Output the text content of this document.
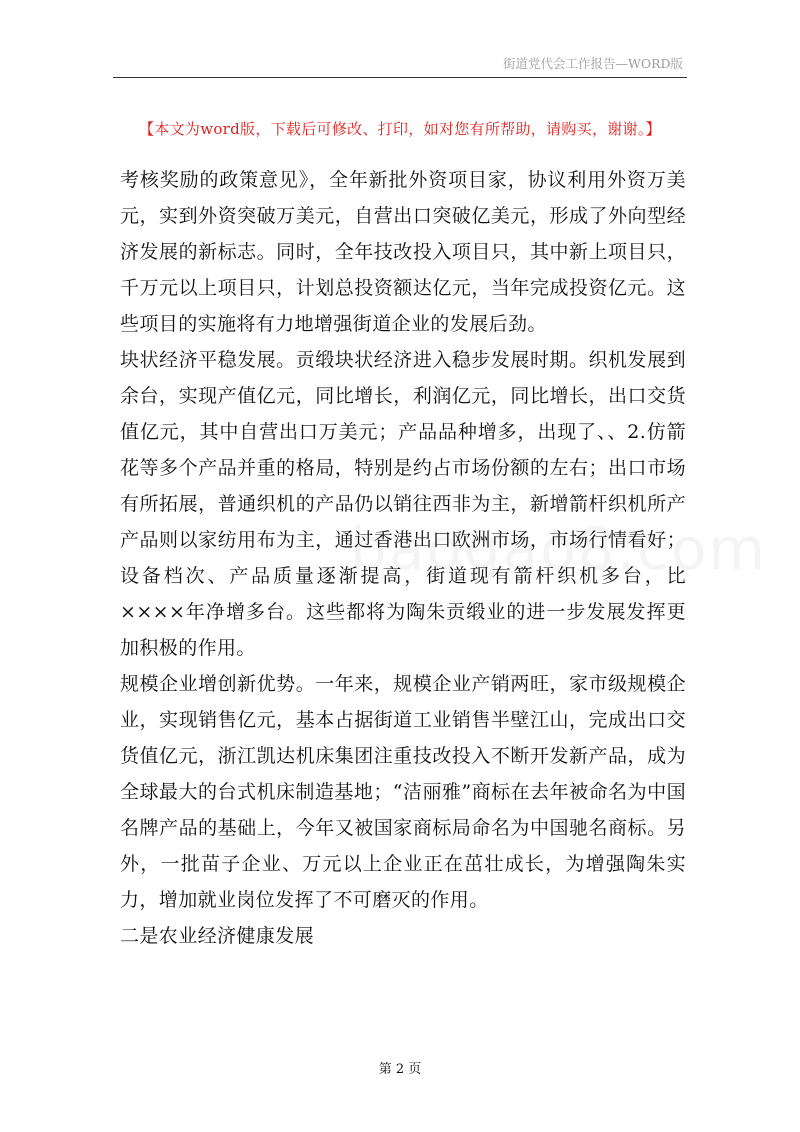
街道党代会工作报告—WORD版
【本文为word版，下载后可修改、打印，如对您有所帮助，请购买，谢谢。】

考核奖励的政策意见》，全年新批外资项目家，协议利用外资万美元，实到外资突破万美元，自营出口突破亿美元，形成了外向型经济发展的新标志。同时，全年技改投入项目只，其中新上项目只，千万元以上项目只，计划总投资额达亿元，当年完成投资亿元。这些项目的实施将有力地增强街道企业的发展后劲。

块状经济平稳发展。贡缎块状经济进入稳步发展时期。织机发展到余台，实现产值亿元，同比增长，利润亿元，同比增长，出口交货值亿元，其中自营出口万美元；产品品种增多，出现了、、2.仿箭花等多个产品并重的格局，特别是约占市场份额的左右；出口市场有所拓展，普通织机的产品仍以销往西非为主，新增箭杆织机所产产品则以家纺用布为主，通过香港出口欧洲市场，市场行情看好；设备档次、产品质量逐渐提高，街道现有箭杆织机多台，比××××年净增多台。这些都将为陶朱贡缎业的进一步发展发挥更加积极的作用。

规模企业增创新优势。一年来，规模企业产销两旺，家市级规模企业，实现销售亿元，基本占据街道工业销售半壁江山，完成出口交货值亿元，浙江凯达机床集团注重技改投入不断开发新产品，成为全球最大的台式机床制造基地；“洁丽雅”商标在去年被命名为中国名牌产品的基础上，今年又被国家商标局命名为中国驰名商标。另外，一批苗子企业、万元以上企业正在茁壮成长，为增强陶朱实力，增加就业岗位发挥了不可磨灭的作用。

二是农业经济健康发展

第 2 页
